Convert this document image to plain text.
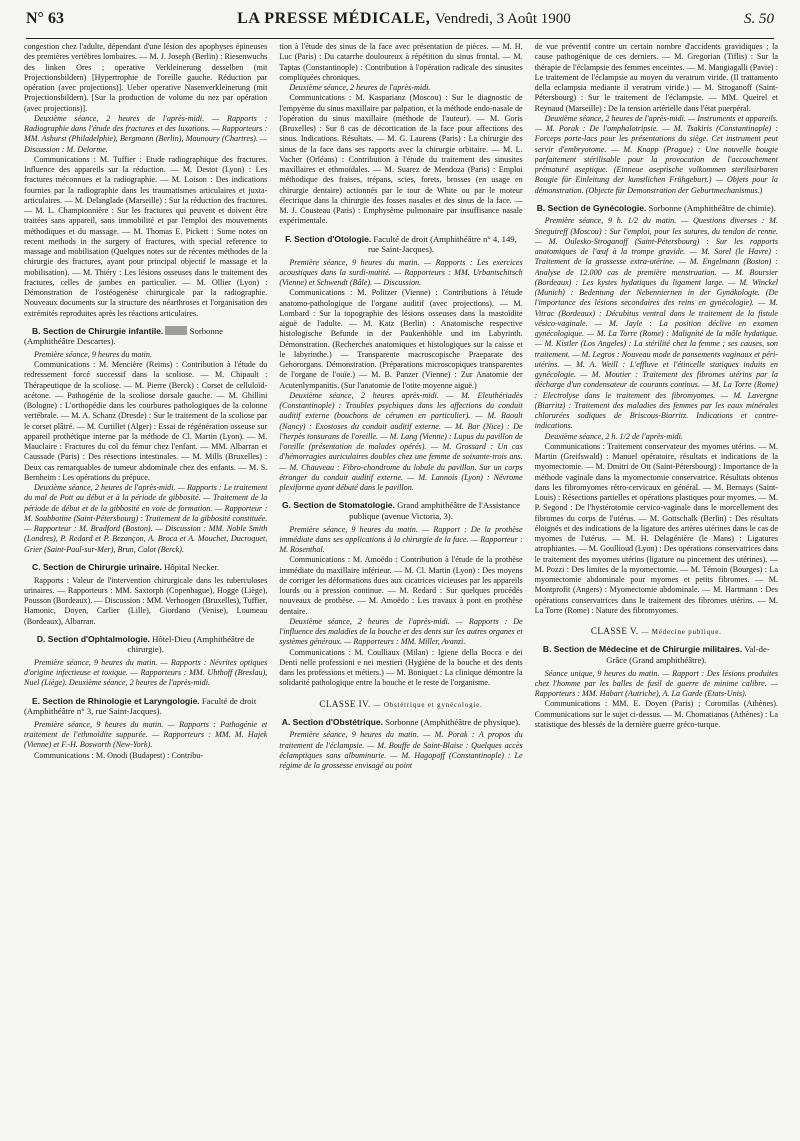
N° 63	LA PRESSE MÉDICALE, Vendredi, 3 Août 1900	S. 50

congestion chez l'adulte, dépendant d'une lésion des apophyses épineuses des premières vertèbres lombaires. — M. J. Joseph (Berlin) : Riesenwuchs des linken Ores ; operative Verkleinerung desselben (mit Projectionsbildern) [Hypertrophie de l'oreille gauche. Réduction par opération (avec projections)]. Ueber operative Nasenverkleinerung (mit Projectionsbildern). [Sur la production de volume du nez par opération (avec projections)].

Deuxième séance, 2 heures de l'après-midi. — Rapports : Radiographie dans l'étude des fractures et des luxations. — Rapporteurs : MM. Ashurst (Philadelphie), Bergmann (Berlin), Maunoury (Chartres). — Discussion : M. Delorme.

Communications : M. Tuffier : Etude radiographique des fractures. Influence des appareils sur la réduction. — M. Destot (Lyon) : Les fractures méconnues et la radiographie. — M. Loison : Des indications fournies par la radiographie dans les traumatismes articulaires et juxta-articulaires. — M. Delanglade (Marseille) : Sur la réduction des fractures. — M. L. Championnière : Sur les fractures qui peuvent et doivent être traitées sans appareil, sans immobilité et par l'emploi des mouvements méthodiques et du massage. — M. Thomas E. Pickett : Some notes on recent methods in the surgery of fractures, with special reference to massage and mobilisation (Quelques notes sur de récentes méthodes de la chirurgie des fractures, ayant pour principal objectif le massage et la mobilisation). — M. Thiéry : Les lésions osseuses dans le traitement des fractures, celles de jambes en particulier. — M. Ollier (Lyon) : Démonstration de l'ostéogenèse chirurgicale par la radiographie. Nouveaux documents sur la structure des néarthroses et l'organisation des extrémités reproduites après les réactions articulaires.

B. Section de Chirurgie infantile.	Sorbonne (Amphithéâtre Descartes).

Première séance, 9 heures du matin.

Communications : M. Mencière (Reims) : Contribution à l'étude du redressement forcé successif dans la scoliose. — M. Chipault : Thérapeutique de la scoliose. — M. Pierre (Berck) : Corset de celluloïd-acétone. — Pathogénie de la scoliose dorsale gauche. — M. Ghillini (Bologne) : L'orthopédie dans les courbures pathologiques de la colonne vertébrale. — M. A. Schanz (Dresde) : Sur le traitement de la scoliose par le corset plâtré. — M. Curtillet (Alger) : Essai de régénération osseuse sur appareil prothétique interne par la méthode de Cl. Martin (Lyon). — M. Mauclaire : Fractures du col du fémur chez l'enfant. — MM. Albarran et Caussade (Paris) : Des résections intestinales. — M. Mills (Bruxelles) : Deux cas remarquables de tumeur abdominale chez des enfants. — M. S. Bernheim : Les opérations du prépuce.

Deuxième séance, 2 heures de l'après-midi. — Rapports : Le traitement du mal de Pott au début et à la période de gibbosité. — Traitement de la période de début et de la gibbosité en voie de formation. — Rapporteur : M. Soubbotine (Saint-Pétersbourg) : Traitement de la gibbosité constituée. — Rapporteur : M. Bradford (Boston). — Discussion : MM. Noble Smith (Londres), P. Redard et P. Bezançon, A. Broca et A. Mouchet, Ducroquet, Grier (Saint-Paul-sur-Mer), Brun, Calot (Berck).

C. Section de Chirurgie urinaire. Hôpital Necker.

Rapports : Valeur de l'intervention chirurgicale dans les tuberculoses urinaires. — Rapporteurs : MM. Saxtorph (Copenhague), Hogge (Liège), Pousson (Bordeaux). — Discussion : MM. Verhoogen (Bruxelles), Tuffier, Hamonic, Doyen, Carlier (Lille), Giordano (Venise), Loumeau (Bordeaux), Albarran.

D. Section d'Ophtalmologie. Hôtel-Dieu (Amphithéâtre de chirurgie).

Première séance, 9 heures du matin. — Rapports : Névrites optiques d'origine infectieuse et toxique. — Rapporteurs : MM. Uhthoff (Breslau), Nuel (Liège). Deuxième séance, 2 heures de l'après-midi.

E. Section de Rhinologie et Laryngologie. Faculté de droit (Amphithéâtre n° 3, rue Saint-Jacques).

Première séance, 9 heures du matin. — Rapports : Pathogénie et traitement de l'ethmoïdite suppurée. — Rapporteurs : MM. M. Hajek (Vienne) et F.-H. Bosworth (New-York).

Communications : M. Onodi (Budapest) : Contribu-

tion à l'étude des sinus de la face avec présentation de pièces. — M. H. Luc (Paris) : Du catarrhe douloureux à répétition du sinus frontal. — M. Taptas (Constantinople) : Contribution à l'opération radicale des sinusites compliquées chroniques.

Deuxième séance, 2 heures de l'après-midi.

Communications : M. Kasparianz (Moscou) : Sur le diagnostic de l'empyème du sinus maxillaire par palpation, et la méthode endo-nasale de l'opération du sinus maxillaire (méthode de l'auteur). — M. Goris (Bruxelles) : Sur 8 cas de décortication de la face pour affections des sinus. Indications. Résultats. — M. G. Laurens (Paris) : La chirurgie des sinus de la face dans ses rapports avec la chirurgie orbitaire. — M. L. Vacher (Orléans) : Contribution à l'étude du traitement des sinusites maxillaires et ethmoïdales. — M. Suarez de Mendoza (Paris) : Emploi méthodique des fraises, trépans, scies, forets, brosses (en usage en chirurgie dentaire) actionnés par le tour de White ou par le moteur électrique dans la chirurgie des fosses nasales et des sinus de la face. — M. J. Cousteau (Paris) : Emphysème pulmonaire par insuffisance nasale expérimentale.

F. Section d'Otologie. Faculté de droit (Amphithéâtre n° 4, 149, rue Saint-Jacques).

Première séance, 9 heures du matin. — Rapports : Les exercices acoustiques dans la surdi-mutité. — Rapporteurs : MM. Urbantschitsch (Vienne) et Schwendt (Bâle). — Discussion.

Communications : M. Politzer (Vienne) : Contributions à l'étude anatomo-pathologique de l'organe auditif (avec projections). — M. Lombard : Sur la topographie des lésions osseuses dans la mastoïdite aiguë de l'adulte. — M. Katz (Berlin) : Anatomische respective histologische Befunde in der Paukenhöhle und im Labyrinth. Démonstration. (Recherches anatomiques et histologiques sur la caisse et le labyrinthe.) — Transparente macroscopische Praeparate des Gehororgans. Démonstration. (Préparations microscopiques transparentes de l'organe de l'ouïe.) — M. B. Panzer (Vienne) : Zur Anatomie der Acutenlympanitis. (Sur l'anatomie de l'otite moyenne aiguë.)

Deuxième séance, 2 heures après-midi. — M. Eleuthériadès (Constantinople) : Troubles psychiques dans les affections du conduit auditif externe (bouchons de cérumen en particulier). — M. Raoult (Nancy) : Exostoses du conduit auditif externe. — M. Bar (Nice) : De l'herpès tonsurans de l'oreille. — M. Lang (Vienne) : Lupus du pavillon de l'oreille (présentation de malades opérés). — M. Grossard : Un cas d'hémorragies auriculaires doubles chez une femme de soixante-trois ans. — M. Chauveau : Fibro-chondrome du lobule du pavillon. Sur un corps étranger du conduit auditif externe. — M. Lannois (Lyon) : Névrome plexiforme ayant débuté dans le pavillon.

G. Section de Stomatologie. Grand amphithéâtre de l'Assistance publique (avenue Victoria, 3).

Première séance, 9 heures du matin. — Rapport : De la prothèse immédiate dans ses applications à la chirurgie de la face. — Rapporteur : M. Rosenthal.

Communications : M. Amoëdo : Contribution à l'étude de la prothèse immédiate du maxillaire inférieur. — M. Cl. Martin (Lyon) : Des moyens de corriger les déformations dues aux cicatrices vicieuses par les appareils lourds ou à pression continue. — M. Redard : Sur quelques procédés nouveaux de prothèse. — M. Amoëdo : Les travaux à pont en prothèse dentaire.

Deuxième séance, 2 heures de l'après-midi. — Rapports : De l'influence des maladies de la bouche et des dents sur les autres organes et systèmes généraux. — Rapporteurs : MM. Miller, Avanzi.

Communications : M. Coulliaux (Milan) : Igiene della Bocca e dei Denti nelle professioni e nei mestieri (Hygiène de la bouche et des dents dans les professions et métiers.) — M. Boniquet : La clinique démontre la solidarité pathologique entre la bouche et le reste de l'organisme.

CLASSE IV. — Obstétrique et gynécologie.
A. Section d'Obstétrique. Sorbonne (Amphithéâtre de physique).

Première séance, 9 heures du matin. — M. Porak : A propos du traitement de l'éclampsie. — M. Bouffe de Saint-Blaise : Quelques accès éclamptiques sans albuminurie. — M. Hagopoff (Constantinople) : Le régime de la grossesse envisagé au point

de vue préventif contre un certain nombre d'accidents gravidiques ; la cause pathogénique de ces derniers. — M. Gregorian (Tiflis) : Sur la thérapie de l'éclampsie des femmes enceintes. — M. Mangiagalli (Pavie) : Le traitement de l'éclampsie au moyen du veratrum viride. (Il trattamento della eclampsia mediante il veratrum viride.) — M. Stroganoff (Saint-Pétersbourg) : Sur le traitement de l'éclampsie. — MM. Queirel et Reynaud (Marseille) : De la tension artérielle dans l'état puerpéral.

Deuxième séance, 2 heures de l'après-midi. — Instruments et appareils. — M. Porak : De l'omphalotripsie. — M. Tsakiris (Constantinople) : Forceps porte-lacs pour les présentations du siège. Cet instrument peut servir d'embryotome. — M. Knapp (Prague) : Une nouvelle bougie parfaitement stérilisable pour la provocation de l'accouchement prématuré aseptique. (Einneue aseptische volkommen sterilisirbaren Bougie für Einleitung der kunstlichen Frühgeburt.) — Objets pour la démonstration. (Objecte für Demonstration der Geburtmechanismus.)

B. Section de Gynécologie. Sorbonne (Amphithéâtre de chimie).

Première séance, 9 h. 1/2 du matin. — Questions diverses : M. Sneguireff (Moscou) : Sur l'emploi, pour les sutures, du tendon de renne. — M. Oulesko-Stroganoff (Saint-Pétersbourg) : Sur les rapports anatomiques de l'œuf à la trompe gravide. — M. Sorel (le Havre) : Traitement de la grossesse extra-utérine. — M. Engelmann (Boston) : Analyse de 12.000 cas de première menstruation. — M. Boursier (Bordeaux) : Les kystes hydatiques du ligament large. — M. Winckel (Munich) : Bedentung der Nebenniernen in der Gynäkologie. (De l'importance des lésions secondaires des reins en gynécologie). — M. Vitrac (Bordeaux) : Décubitus ventral dans le traitement de la fistule vésico-vaginale. — M. Jayle : La position déclive en examen gynécologique. — M. La Torre (Rome) : Malignité de la môle hydatique. — M. Kistler (Los Angeles) : La stérilité chez la femme ; ses causes, son traitement. — M. Legros : Nouveau mode de pansements vaginaux et péri-utérins. — M. A. Weill : L'effluve et l'étincelle statiques induits en gynécologie. — M. Moutier : Traitement des fibromes utérins par la décharge d'un condensateur de courants continus. — M. La Torre (Rome) : Electrolyse dans le traitement des fibromyomes. — M. Lavergne (Biarritz) : Traitement des maladies des femmes par les eaux minérales chlorurées sodiques de Briscous-Biarritz. Indications et contre-indications.

Deuxième séance, 2 h. 1/2 de l'après-midi.

Communications : Traitement conservateur des myomes utérins. — M. Martin (Greifswald) : Manuel opératoire, résultats et indications de la myomectomie. — M. Dmitri de Ott (Saint-Pétersbourg) : Importance de la méthode vaginale dans la myomectomie conservatrice. Résultats obtenus dans les fibromyomes rétro-cervicaux en général. — M. Bernays (Saint-Louis) : Résections partielles et opérations plastiques pour myomes. — M. P. Segond : De l'hystérotomie cervico-vaginale dans le morcellement des fibromes du corps de l'utérus. — M. Gottschalk (Berlin) : Des résultats éloignés et des indications de la ligature des artères utérines dans le cas de myomes de l'utérus. — M. H. Delagénière (le Mans) : Ligatures atrophiantes. — M. Goullioud (Lyon) : Des opérations conservatrices dans le traitement des myomes utérins (ligature ou pincement des utérines). — M. Pozzi : Des limites de la myomectomie. — M. Témoin (Bourges) : La myomectomie abdominale pour myomes et petits fibromes. — M. Montprofit (Angers) : Myomectomie abdominale. — M. Hartmann : Des opérations conservatrices dans le traitement des fibromes utérins. — M. La Torre (Rome) : Nature des fibromyomes.

CLASSE V. — Médecine publique.
B. Section de Médecine et de Chirurgie militaires. Val-de-Grâce (Grand amphithéâtre).

Séance unique, 9 heures du matin. — Rapport : Des lésions produites chez l'homme par les balles de fusil de guerre de minime calibre. — Rapporteurs : MM. Habart (Autriche), A. La Garde (Etats-Unis).

Communications : MM. E. Doyen (Paris) ; Coromilas (Athènes). Communications sur le sujet ci-dessus. — M. Chomatianos (Athènes) : La statistique des blessés de la dernière guerre gréco-turque.
